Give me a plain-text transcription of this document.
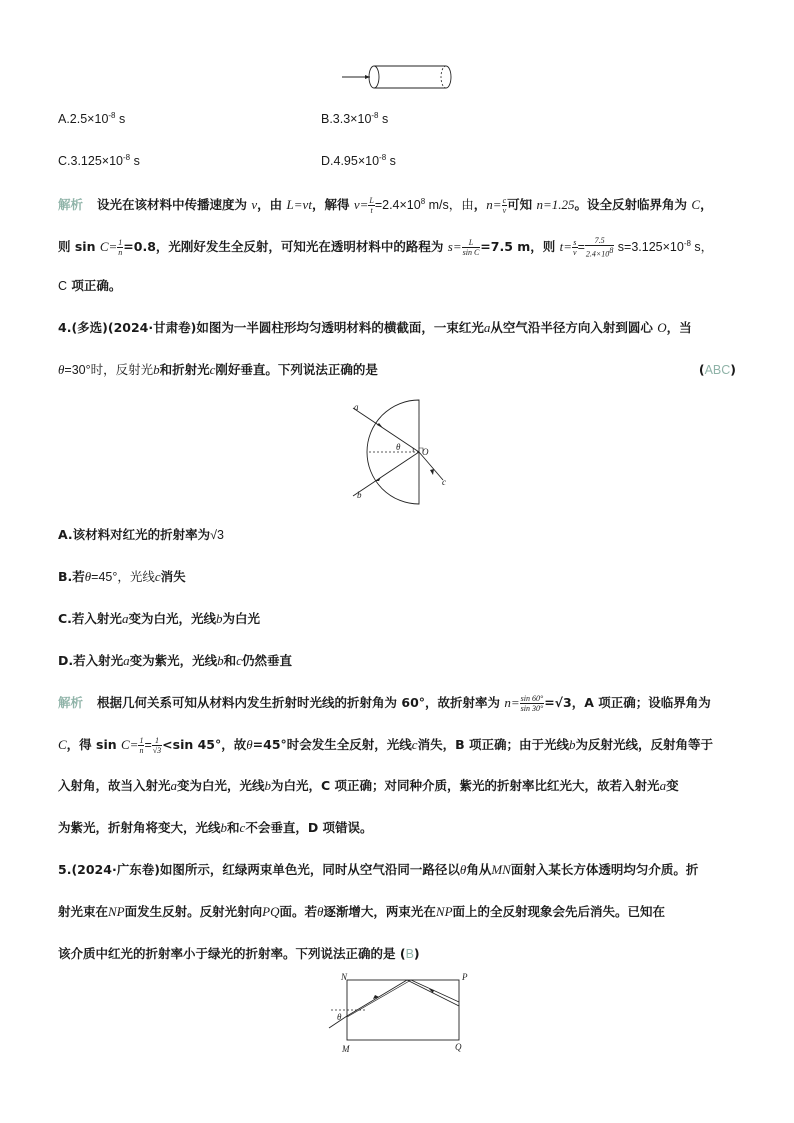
$A.2.5\times 10^{-8}$ s	$B.3.3\times 10^{-8}$ s
$C.3.125\times 10^{-8}$ s	$D.4.95\times 10^{-8}$ s
解析 设光在该材料中传播速度为 v，由 L=vt，解得 $v= \frac{L}{t} =2.4\times 10^8$ m/s，由，$n= \frac{c}{v}$ 可知 n=1.25。设全反射临界角为 C，
则 $\sin C= \frac{1}{n} =0.8$，光刚好发生全反射，可知光在透明材料中的路程为 $s= \frac{L}{\text{sin C}} =7.5$ m，则 $t= \frac{s}{v} = \frac{7.5}{2.4\times 10^8} s=3.125\times 10^{-8}$ s，
C 项正确。
4.(多选)(2024·甘肃卷)如图为一半圆柱形均匀透明材料的横截面，一束红光a从空气沿半径方向入射到圆心 O，当
θ=30°时，反射光b和折射光c刚好垂直。下列说法正确的是	(ABC)
a
θ O
c
b
A.该材料对红光的折射率为√3
B.若θ=45°，光线c消失
C.若入射光a变为白光，光线b为白光
D.若入射光a变为紫光，光线b和c仍然垂直
解析 根据几何关系可知从材料内发生折射时光线的折射角为 60°，故折射率为 $n= \frac{\sin 60^\circ}{\sin 30^\circ} =√3$，A 项正确；设临界角为
C，得 $\sin C= \frac{1}{n} = \frac{1}{√3} <\sin$ 45°，故θ=45°时会发生全反射，光线c消失，B 项正确；由于光线b为反射光线，反射角等于
入射角，故当入射光a变为白光，光线b为白光，C 项正确；对同种介质，紫光的折射率比红光大，故若入射光a变
为紫光，折射角将变大，光线b和c不会垂直，D 项错误。
5.(2024·广东卷)如图所示，红绿两束单色光，同时从空气沿同一路径以θ角从MN面射入某长方体透明均匀介质。折
射光束在NP面发生反射。反射光射向PQ面。若θ逐渐增大，两束光在NP面上的全反射现象会先后消失。已知在
该介质中红光的折射率小于绿光的折射率。下列说法正确的是 (B)
N	P
θ
M	Q
